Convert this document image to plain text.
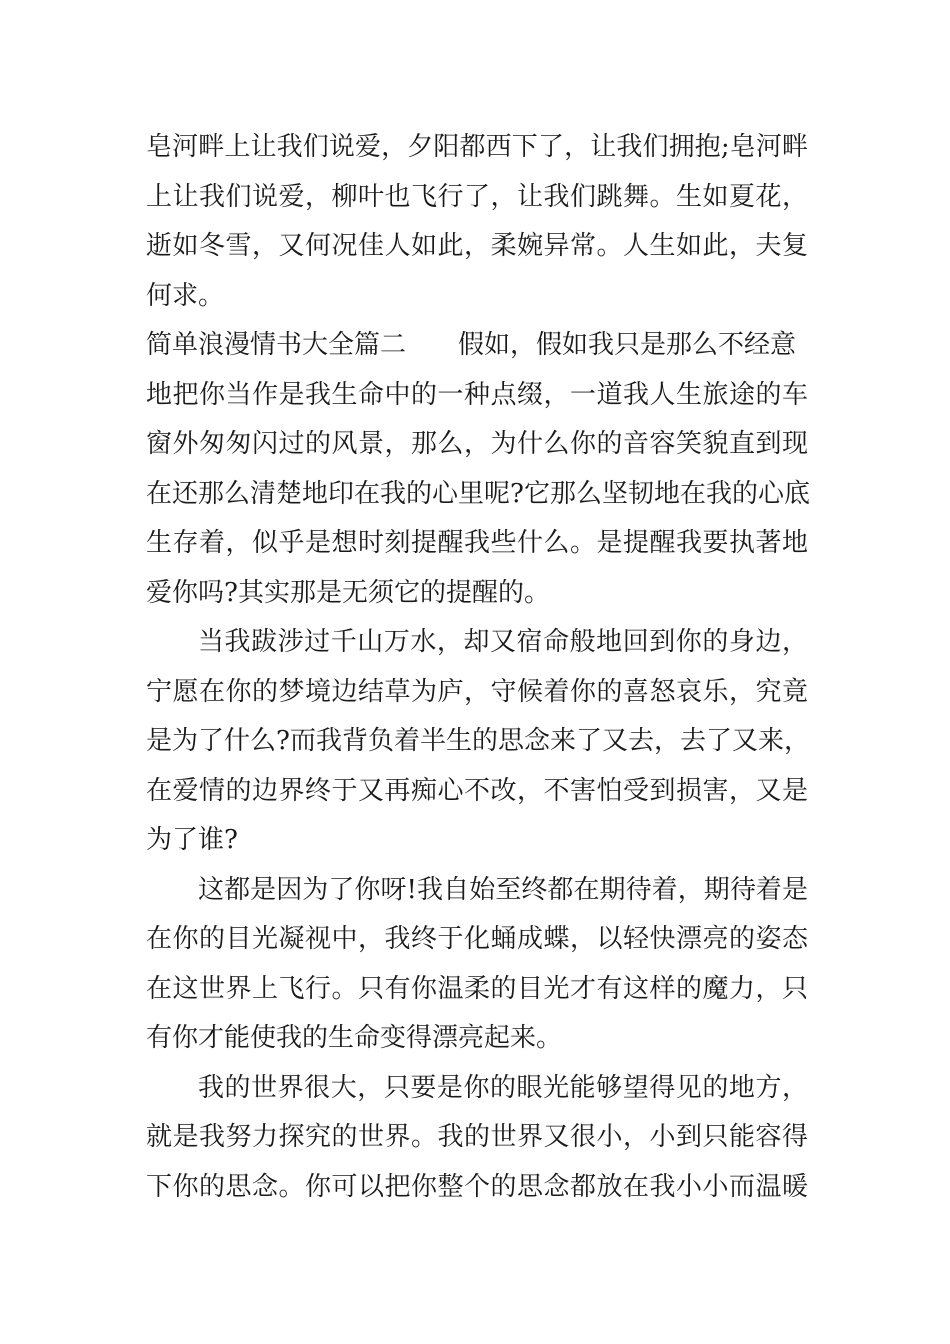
皂河畔上让我们说爱，夕阳都西下了，让我们拥抱;皂河畔
上让我们说爱，柳叶也飞行了，让我们跳舞。生如夏花，
逝如冬雪，又何况佳人如此，柔婉异常。人生如此，夫复
何求。
简单浪漫情书大全篇二 假如，假如我只是那么不经意
地把你当作是我生命中的一种点缀，一道我人生旅途的车
窗外匆匆闪过的风景，那么，为什么你的音容笑貌直到现
在还那么清楚地印在我的心里呢?它那么坚韧地在我的心底
生存着，似乎是想时刻提醒我些什么。是提醒我要执著地
爱你吗?其实那是无须它的提醒的。
当我跋涉过千山万水，却又宿命般地回到你的身边，
宁愿在你的梦境边结草为庐，守候着你的喜怒哀乐，究竟
是为了什么?而我背负着半生的思念来了又去，去了又来，
在爱情的边界终于又再痴心不改，不害怕受到损害，又是
为了谁?
这都是因为了你呀!我自始至终都在期待着，期待着是
在你的目光凝视中，我终于化蛹成蝶，以轻快漂亮的姿态
在这世界上飞行。只有你温柔的目光才有这样的魔力，只
有你才能使我的生命变得漂亮起来。
我的世界很大，只要是你的眼光能够望得见的地方，
就是我努力探究的世界。我的世界又很小，小到只能容得
下你的思念。你可以把你整个的思念都放在我小小而温暖
